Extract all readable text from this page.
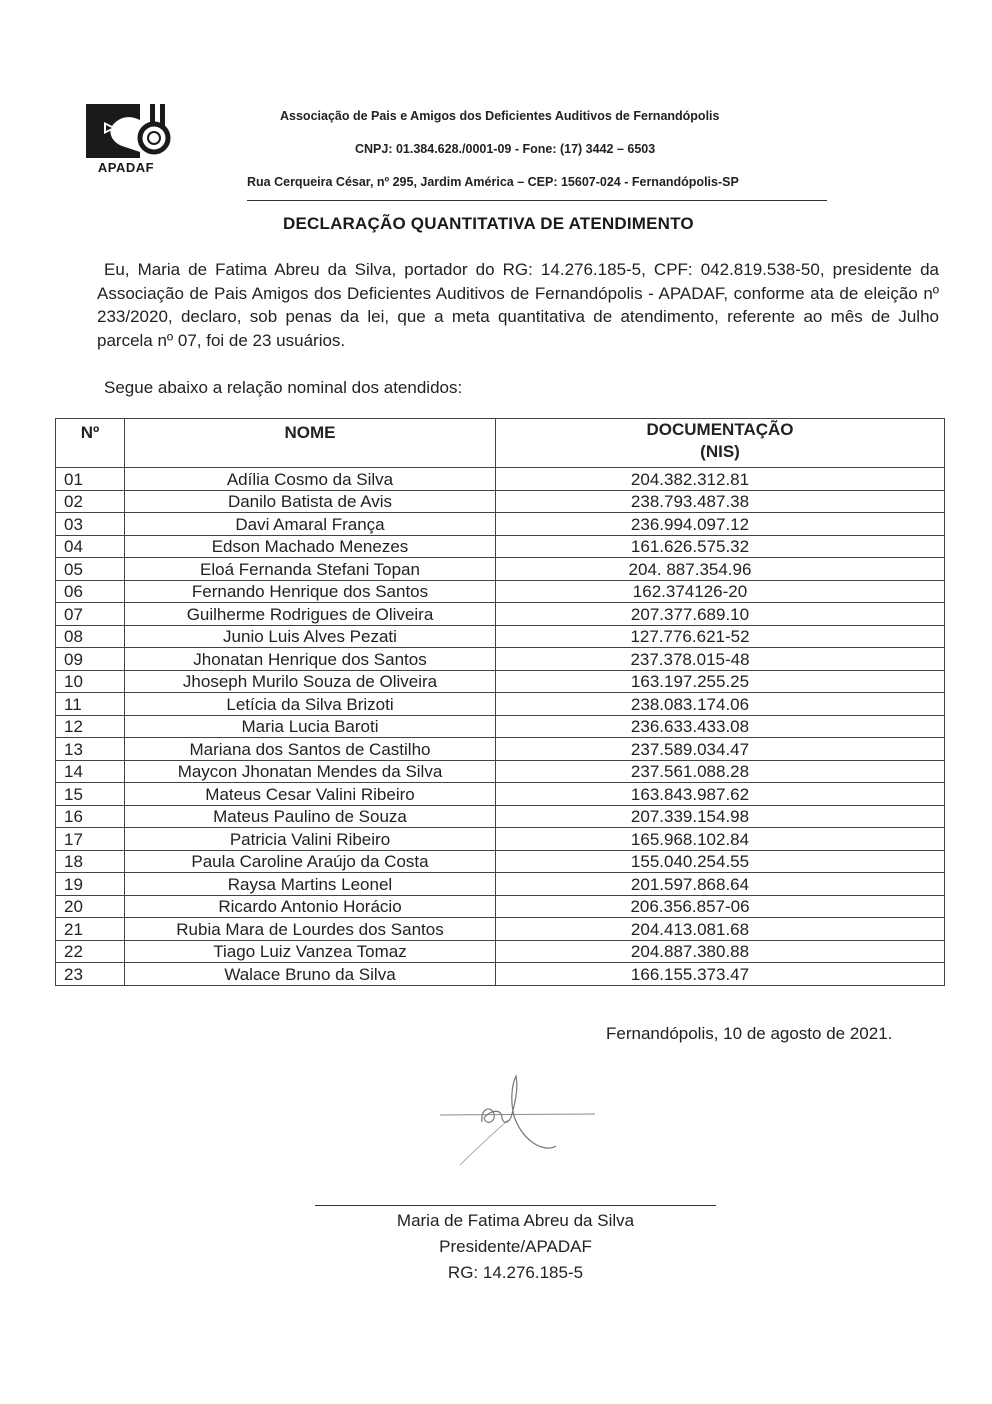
APADAF
Associação de Pais e Amigos dos Deficientes Auditivos de Fernandópolis
CNPJ: 01.384.628./0001-09 - Fone: (17) 3442 – 6503
Rua Cerqueira César, nº 295, Jardim América – CEP: 15607-024 - Fernandópolis-SP
DECLARAÇÃO QUANTITATIVA DE ATENDIMENTO
Eu, Maria de Fatima Abreu da Silva, portador do RG: 14.276.185-5, CPF: 042.819.538-50, presidente da Associação de Pais Amigos dos Deficientes Auditivos de Fernandópolis - APADAF, conforme ata de eleição nº 233/2020, declaro, sob penas da lei, que a meta quantitativa de atendimento, referente ao mês de Julho parcela nº 07, foi de 23 usuários.
Segue abaixo a relação nominal dos atendidos:
Nº	NOME	DOCUMENTAÇÃO
(NIS)

01	Adília Cosmo da Silva	204.382.312.81
02	Danilo Batista de Avis	238.793.487.38
03	Davi Amaral França	236.994.097.12
04	Edson Machado Menezes	161.626.575.32
05	Eloá Fernanda Stefani Topan	204. 887.354.96
06	Fernando Henrique dos Santos	162.374126-20
07	Guilherme Rodrigues de Oliveira	207.377.689.10
08	Junio Luis Alves Pezati	127.776.621-52
09	Jhonatan Henrique dos Santos	237.378.015-48
10	Jhoseph Murilo Souza de Oliveira	163.197.255.25
11	Letícia da Silva Brizoti	238.083.174.06
12	Maria Lucia Baroti	236.633.433.08
13	Mariana dos Santos de Castilho	237.589.034.47
14	Maycon Jhonatan Mendes da Silva	237.561.088.28
15	Mateus Cesar Valini Ribeiro	163.843.987.62
16	Mateus Paulino de Souza	207.339.154.98
17	Patricia Valini Ribeiro	165.968.102.84
18	Paula Caroline Araújo da Costa	155.040.254.55
19	Raysa Martins Leonel	201.597.868.64
20	Ricardo Antonio Horácio	206.356.857-06
21	Rubia Mara de Lourdes dos Santos	204.413.081.68
22	Tiago Luiz Vanzea Tomaz	204.887.380.88
23	Walace Bruno da Silva	166.155.373.47
Fernandópolis, 10 de agosto de 2021.
Maria de Fatima Abreu da Silva
Presidente/APADAF
RG: 14.276.185-5
